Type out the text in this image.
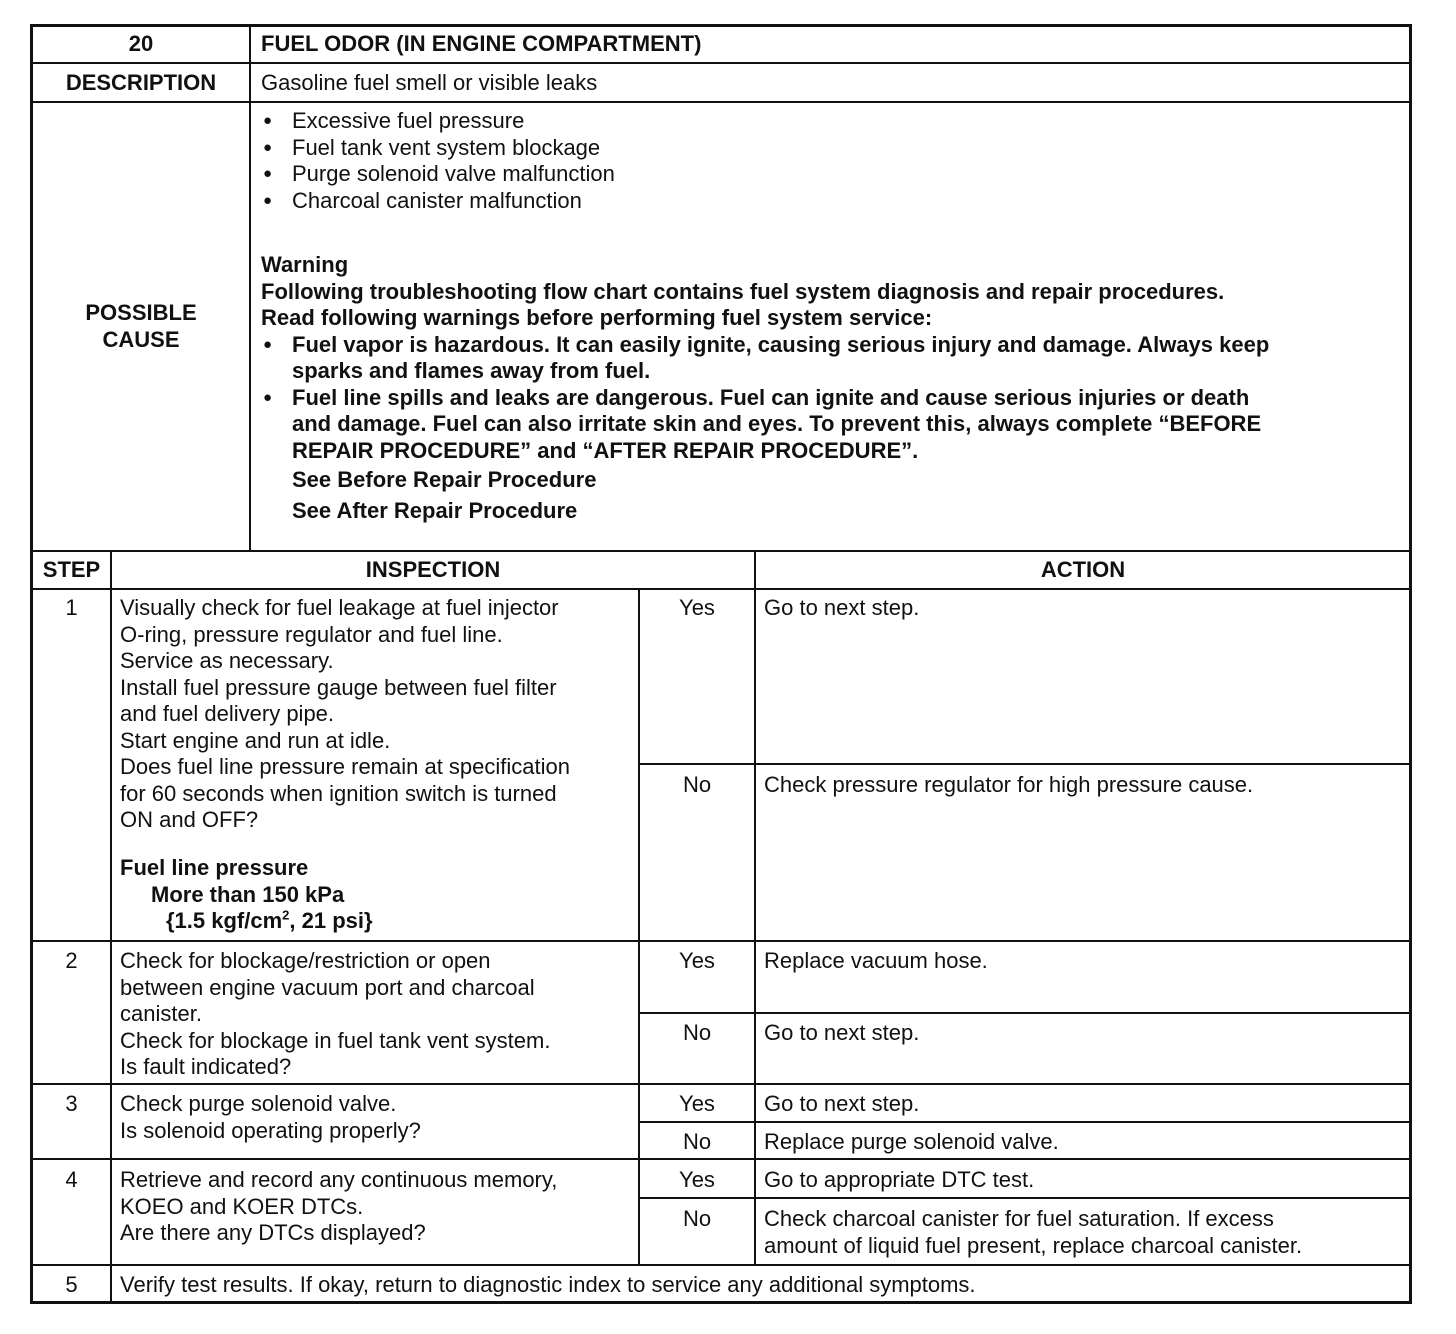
20	FUEL ODOR (IN ENGINE COMPARTMENT)
DESCRIPTION	Gasoline fuel smell or visible leaks
POSSIBLE
CAUSE
● Excessive fuel pressure
● Fuel tank vent system blockage
● Purge solenoid valve malfunction
● Charcoal canister malfunction
Warning
Following troubleshooting flow chart contains fuel system diagnosis and repair procedures.
Read following warnings before performing fuel system service:
● Fuel vapor is hazardous. It can easily ignite, causing serious injury and damage. Always keep
sparks and flames away from fuel.
● Fuel line spills and leaks are dangerous. Fuel can ignite and cause serious injuries or death
and damage. Fuel can also irritate skin and eyes. To prevent this, always complete “BEFORE
REPAIR PROCEDURE” and “AFTER REPAIR PROCEDURE”.
See Before Repair Procedure
See After Repair Procedure
STEP	INSPECTION	ACTION
1	Visually check for fuel leakage at fuel injector
O-ring, pressure regulator and fuel line.
Service as necessary.
Install fuel pressure gauge between fuel filter
and fuel delivery pipe.
Start engine and run at idle.
Does fuel line pressure remain at specification
for 60 seconds when ignition switch is turned
ON and OFF?
Fuel line pressure
More than 150 kPa
{1.5 kgf/$cm^2$, 21 psi}
Yes	Go to next step.
No	Check pressure regulator for high pressure cause.
2	Check for blockage/restriction or open
between engine vacuum port and charcoal
canister.
Check for blockage in fuel tank vent system.
Is fault indicated?
Yes	Replace vacuum hose.
No	Go to next step.
3	Check purge solenoid valve.
Is solenoid operating properly?
Yes	Go to next step.
No	Replace purge solenoid valve.
4	Retrieve and record any continuous memory,
KOEO and KOER DTCs.
Are there any DTCs displayed?
Yes	Go to appropriate DTC test.
No	Check charcoal canister for fuel saturation. If excess
amount of liquid fuel present, replace charcoal canister.
5	Verify test results. If okay, return to diagnostic index to service any additional symptoms.
